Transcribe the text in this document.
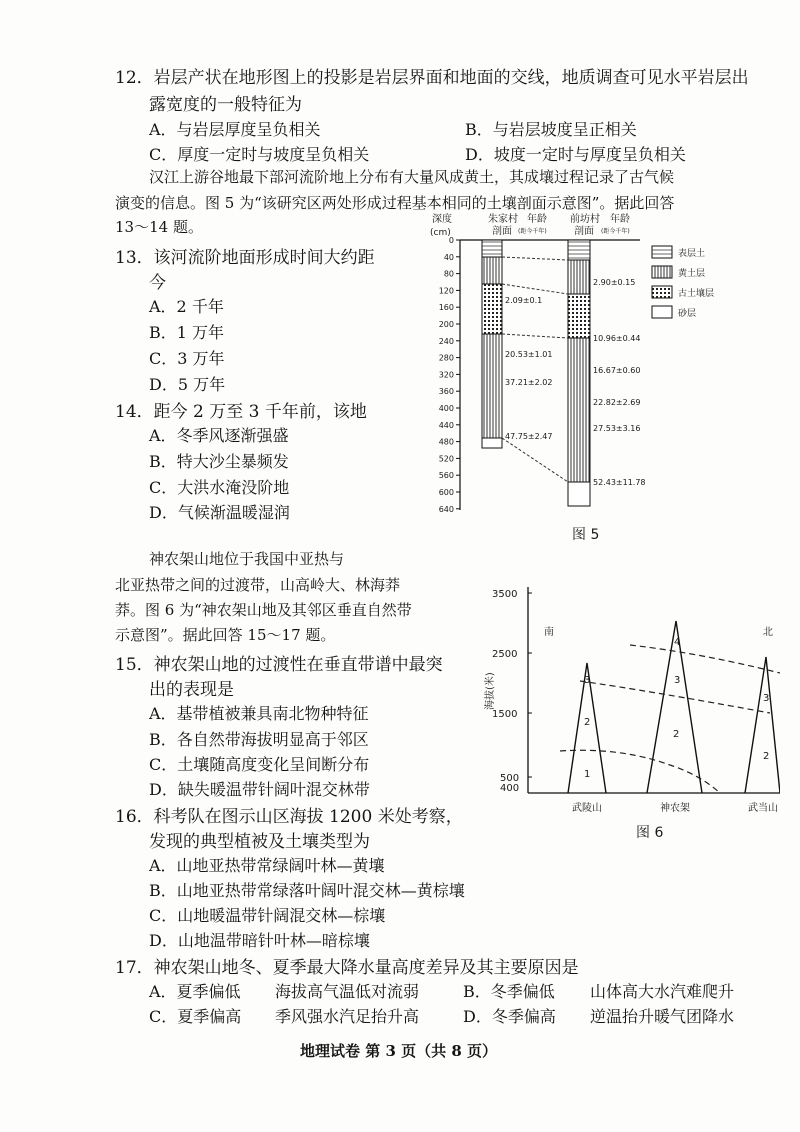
12．岩层产状在地形图上的投影是岩层界面和地面的交线，地质调查可见水平岩层出
露宽度的一般特征为
A．与岩层厚度呈负相关	B．与岩层坡度呈正相关
C．厚度一定时与坡度呈负相关	D．坡度一定时与厚度呈负相关
汉江上游谷地最下部河流阶地上分布有大量风成黄土，其成壤过程记录了古气候
演变的信息。图 5 为“该研究区两处形成过程基本相同的土壤剖面示意图”。据此回答
13～14 题。
13．该河流阶地面形成时间大约距
今
A．2 千年
B．1 万年
C．3 万年
D．5 万年
14．距今 2 万至 3 千年前，该地
A．冬季风逐渐强盛
B．特大沙尘暴频发
C．大洪水淹没阶地
D．气候渐温暖湿润
深度
(cm)
朱家村
剖面
年龄
(距今千年)
前坊村
剖面
年龄
(距今千年)
0
40
80
120
160
200
240
280
320
360
400
440
480
520
560
600
640
2.09±0.1
20.53±1.01
37.21±2.02
47.75±2.47
2.90±0.15
10.96±0.44
16.67±0.60
22.82±2.69
27.53±3.16
52.43±11.78
表层土
黄土层
古土壤层
砂层
图 5
神农架山地位于我国中亚热与
北亚热带之间的过渡带，山高岭大、林海莽
莽。图 6 为“神农架山地及其邻区垂直自然带
示意图”。据此回答 15～17 题。
15．神农架山地的过渡性在垂直带谱中最突
出的表现是
A．基带植被兼具南北物种特征
B．各自然带海拔明显高于邻区
C．土壤随高度变化呈间断分布
D．缺失暖温带针阔叶混交林带
3500
2500
1500
500
400
海拔(米)
南	北
1
2
3
2
3
4
2
3
武陵山	神农架	武当山
图 6
16．科考队在图示山区海拔 1200 米处考察，
发现的典型植被及土壤类型为
A．山地亚热带常绿阔叶林—黄壤
B．山地亚热带常绿落叶阔叶混交林—黄棕壤
C．山地暖温带针阔混交林—棕壤
D．山地温带暗针叶林—暗棕壤
17．神农架山地冬、夏季最大降水量高度差异及其主要原因是
A．夏季偏低 海拔高气温低对流弱	B．冬季偏低 山体高大水汽难爬升
C．夏季偏高 季风强水汽足抬升高	D．冬季偏高 逆温抬升暖气团降水
地理试卷 第 3 页（共 8 页）
